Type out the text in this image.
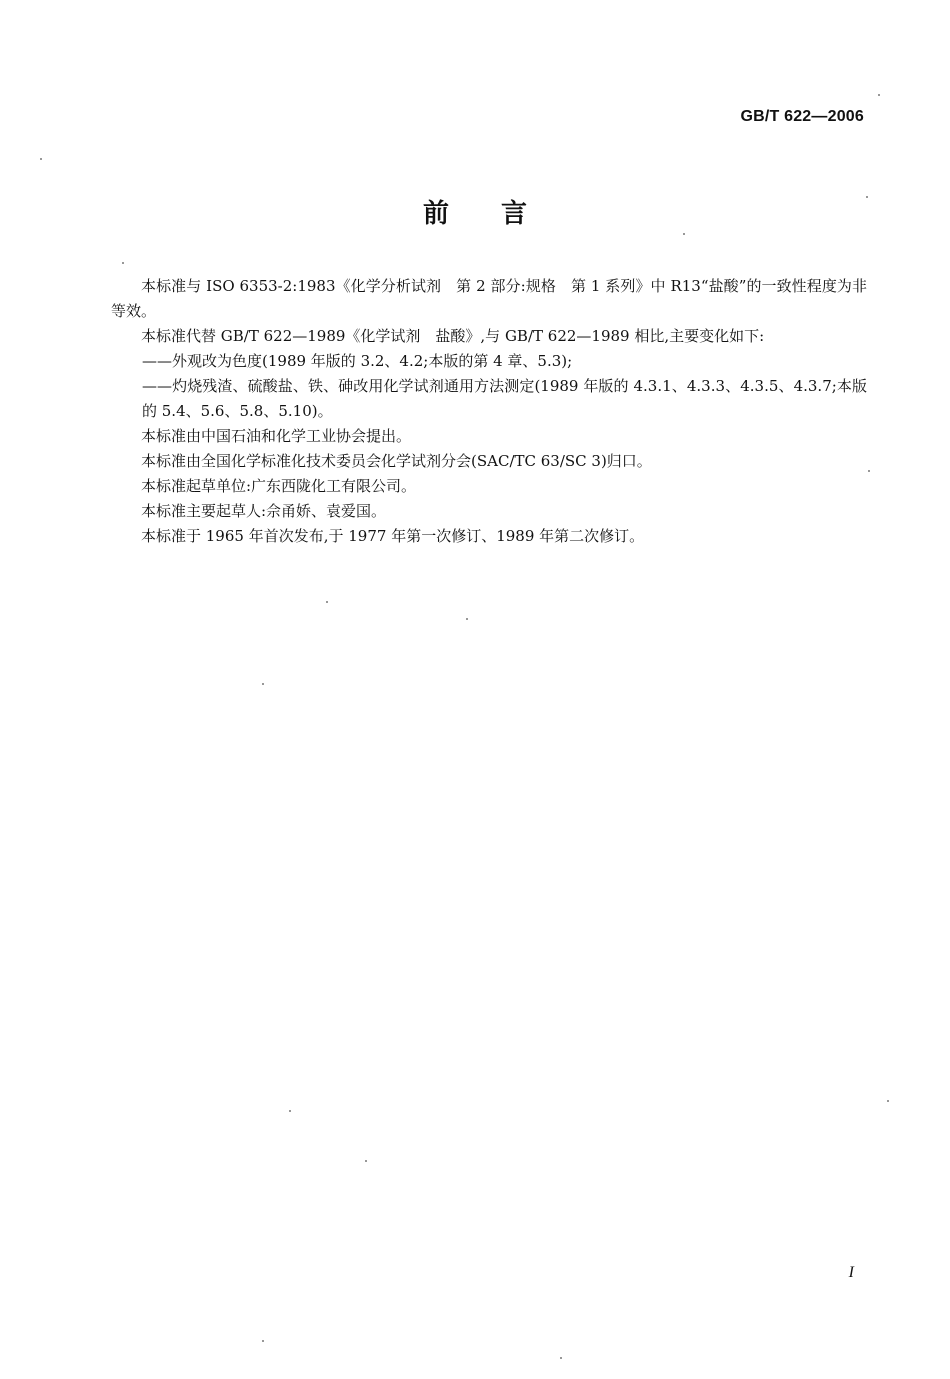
GB/T 622—2006
前言

本标准与 ISO 6353-2:1983《化学分析试剂　第 2 部分:规格　第 1 系列》中 R13“盐酸”的一致性程度为非等效。

本标准代替 GB/T 622—1989《化学试剂　盐酸》,与 GB/T 622—1989 相比,主要变化如下:

——外观改为色度(1989 年版的 3.2、4.2;本版的第 4 章、5.3);

——灼烧残渣、硫酸盐、铁、砷改用化学试剂通用方法测定(1989 年版的 4.3.1、4.3.3、4.3.5、4.3.7;本版的 5.4、5.6、5.8、5.10)。

本标准由中国石油和化学工业协会提出。

本标准由全国化学标准化技术委员会化学试剂分会(SAC/TC 63/SC 3)归口。

本标准起草单位:广东西陇化工有限公司。

本标准主要起草人:佘甬娇、袁爱国。

本标准于 1965 年首次发布,于 1977 年第一次修订、1989 年第二次修订。

I
